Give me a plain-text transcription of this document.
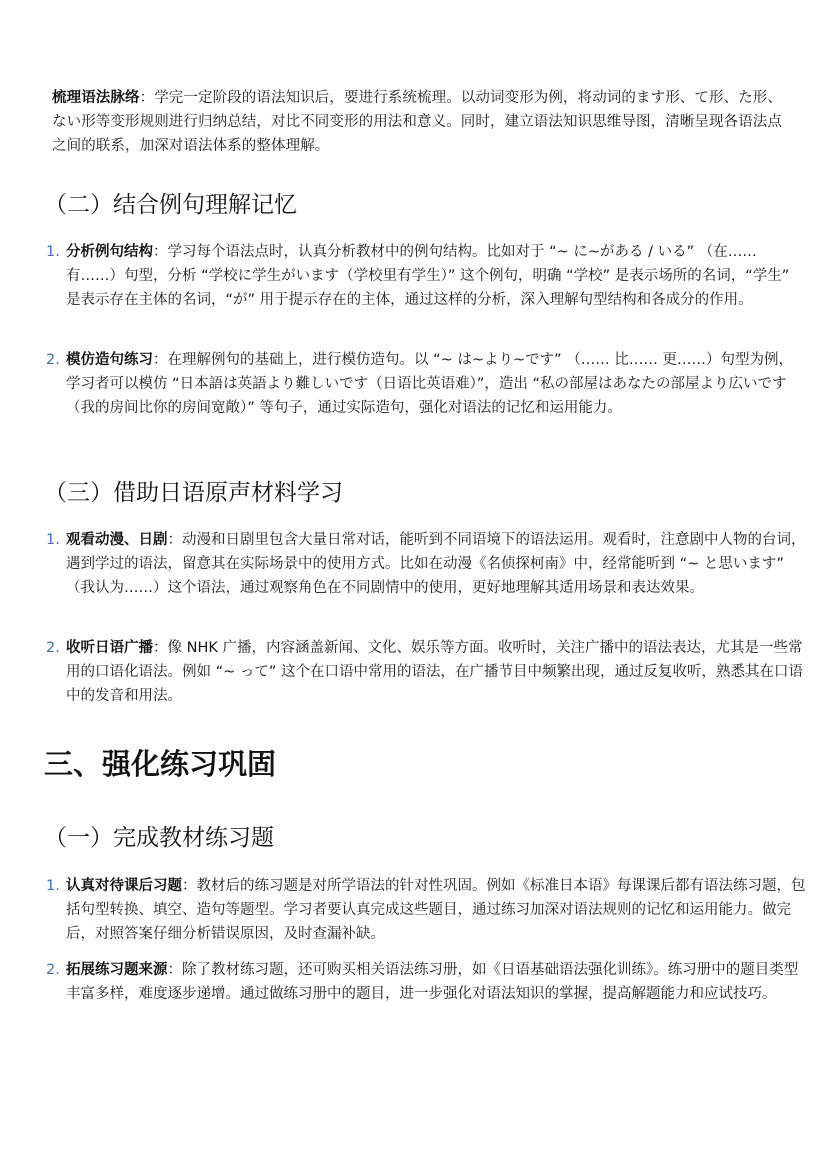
梳理语法脉络：学完一定阶段的语法知识后，要进行系统梳理。以动词变形为例，将动词的ます形、て形、た形、ない形等变形规则进行归纳总结，对比不同变形的用法和意义。同时，建立语法知识思维导图，清晰呈现各语法点之间的联系，加深对语法体系的整体理解。

（二）结合例句理解记忆
1. 分析例句结构：学习每个语法点时，认真分析教材中的例句结构。比如对于 “~ に~がある / いる” （在…… 有……）句型，分析 “学校に学生がいます（学校里有学生）” 这个例句，明确 “学校” 是表示场所的名词，“学生” 是表示存在主体的名词，“が” 用于提示存在的主体，通过这样的分析，深入理解句型结构和各成分的作用。
2. 模仿造句练习：在理解例句的基础上，进行模仿造句。以 “~ は~より~です” （…… 比…… 更……）句型为例，学习者可以模仿 “日本語は英語より難しいです（日语比英语难）”，造出 “私の部屋はあなたの部屋より広いです（我的房间比你的房间宽敞）” 等句子，通过实际造句，强化对语法的记忆和运用能力。
（三）借助日语原声材料学习
1. 观看动漫、日剧：动漫和日剧里包含大量日常对话，能听到不同语境下的语法运用。观看时，注意剧中人物的台词，遇到学过的语法，留意其在实际场景中的使用方式。比如在动漫《名侦探柯南》中，经常能听到 “~ と思います” （我认为……）这个语法，通过观察角色在不同剧情中的使用，更好地理解其适用场景和表达效果。
2. 收听日语广播：像 NHK 广播，内容涵盖新闻、文化、娱乐等方面。收听时，关注广播中的语法表达，尤其是一些常用的口语化语法。例如 “~ って” 这个在口语中常用的语法，在广播节目中频繁出现，通过反复收听，熟悉其在口语中的发音和用法。
三、强化练习巩固
（一）完成教材练习题
1. 认真对待课后习题：教材后的练习题是对所学语法的针对性巩固。例如《标准日本语》每课课后都有语法练习题，包括句型转换、填空、造句等题型。学习者要认真完成这些题目，通过练习加深对语法规则的记忆和运用能力。做完后，对照答案仔细分析错误原因，及时查漏补缺。
2. 拓展练习题来源：除了教材练习题，还可购买相关语法练习册，如《日语基础语法强化训练》。练习册中的题目类型丰富多样，难度逐步递增。通过做练习册中的题目，进一步强化对语法知识的掌握，提高解题能力和应试技巧。
